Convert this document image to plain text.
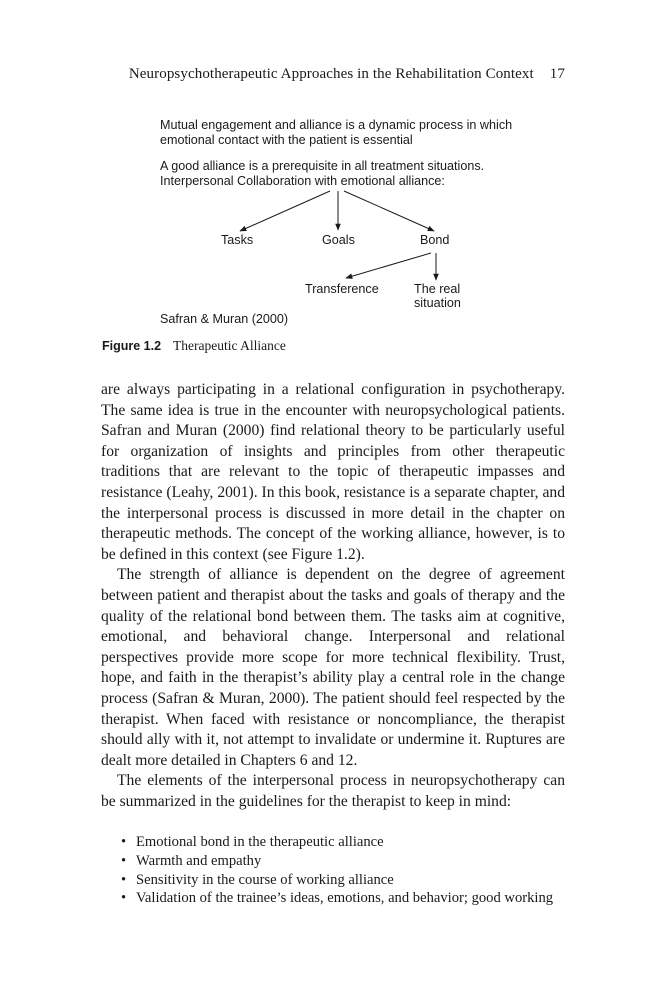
Neuropsychotherapeutic Approaches in the Rehabilitation Context 17
Mutual engagement and alliance is a dynamic process in which
emotional contact with the patient is essential
A good alliance is a prerequisite in all treatment situations.
Interpersonal Collaboration with emotional alliance:
Tasks	Goals	Bond
Transference	The real
situation
Safran & Muran (2000)
Figure 1.2 Therapeutic Alliance

are always participating in a relational configuration in psychotherapy. The same idea is true in the encounter with neuropsychological patients. Safran and Muran (2000) find relational theory to be particularly useful for organization of insights and principles from other therapeutic traditions that are relevant to the topic of therapeutic impasses and resistance (Leahy, 2001). In this book, resistance is a separate chapter, and the interpersonal process is discussed in more detail in the chapter on therapeutic methods. The concept of the working alliance, however, is to be defined in this context (see Figure 1.2).

The strength of alliance is dependent on the degree of agreement between patient and therapist about the tasks and goals of therapy and the quality of the relational bond between them. The tasks aim at cognitive, emotional, and behavioral change. Interpersonal and relational perspectives provide more scope for more technical flexibility. Trust, hope, and faith in the therapist’s ability play a central role in the change process (Safran & Muran, 2000). The patient should feel respected by the therapist. When faced with resistance or noncompliance, the therapist should ally with it, not attempt to invalidate or undermine it. Ruptures are dealt more detailed in Chapters 6 and 12.

The elements of the interpersonal process in neuropsychotherapy can be summarized in the guidelines for the therapist to keep in mind:

• Emotional bond in the therapeutic alliance
• Warmth and empathy
• Sensitivity in the course of working alliance
• Validation of the trainee’s ideas, emotions, and behavior; good working
